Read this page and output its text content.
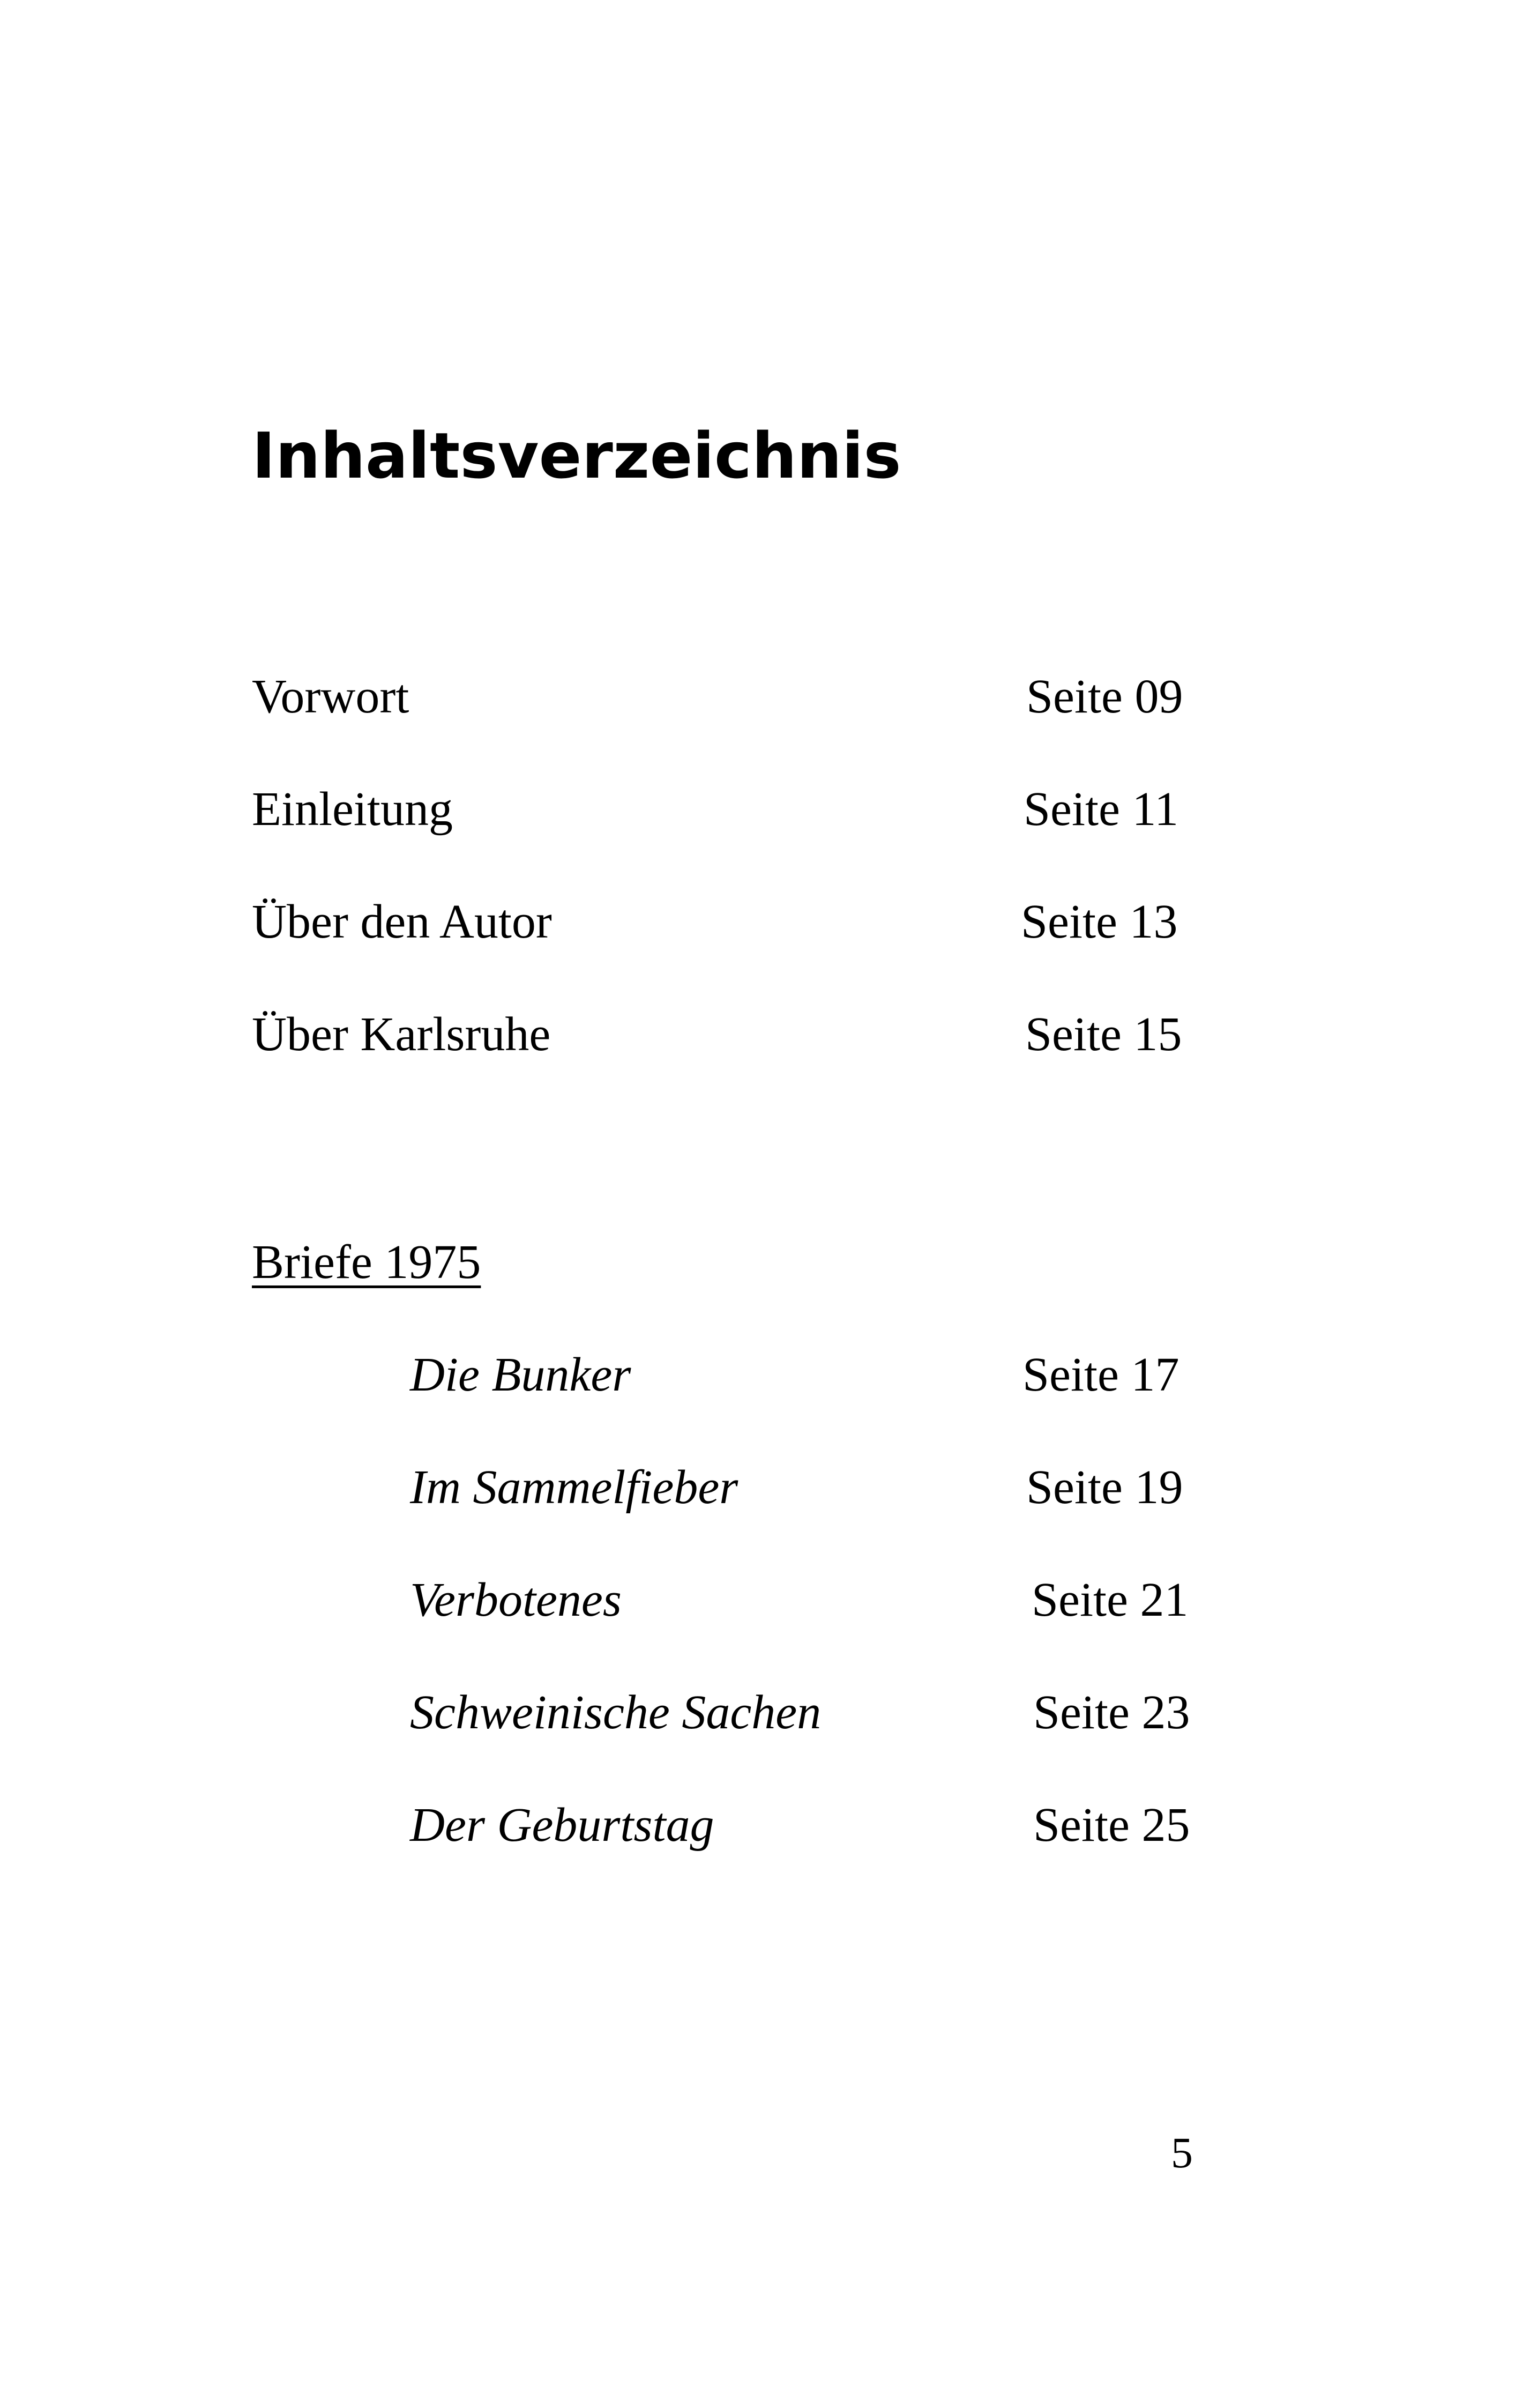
Inhaltsverzeichnis
Vorwort	Seite 09
Einleitung	Seite 11
Über den Autor	Seite 13
Über Karlsruhe	Seite 15
Briefe 1975
Die Bunker	Seite 17
Im Sammelfieber	Seite 19
Verbotenes	Seite 21
Schweinische Sachen	Seite 23
Der Geburtstag	Seite 25
5
